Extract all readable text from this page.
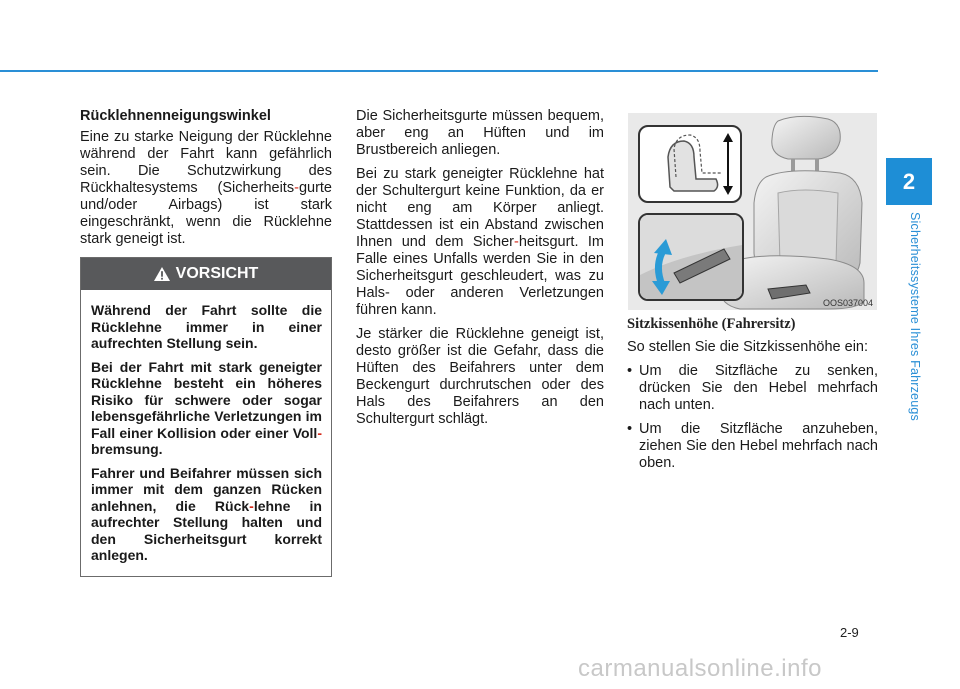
2
Sicherheitssysteme Ihres Fahrzeugs
Rücklehnenneigungswinkel

Eine zu starke Neigung der Rücklehne während der Fahrt kann gefährlich sein. Die Schutzwirkung des Rückhaltesystems (Sicherheits-gurte und/oder Airbags) ist stark eingeschränkt, wenn die Rücklehne stark geneigt ist.

VORSICHT

Während der Fahrt sollte die Rücklehne immer in einer aufrechten Stellung sein.

Bei der Fahrt mit stark geneigter Rücklehne besteht ein höheres Risiko für schwere oder sogar lebensgefährliche Verletzungen im Fall einer Kollision oder einer Voll-bremsung.

Fahrer und Beifahrer müssen sich immer mit dem ganzen Rücken anlehnen, die Rück-lehne in aufrechter Stellung halten und den Sicherheitsgurt korrekt anlegen.

Die Sicherheitsgurte müssen bequem, aber eng an Hüften und im Brustbereich anliegen.

Bei zu stark geneigter Rücklehne hat der Schultergurt keine Funktion, da er nicht eng am Körper anliegt. Stattdessen ist ein Abstand zwischen Ihnen und dem Sicher-heitsgurt. Im Falle eines Unfalls werden Sie in den Sicherheitsgurt geschleudert, was zu Hals- oder anderen Verletzungen führen kann.

Je stärker die Rücklehne geneigt ist, desto größer ist die Gefahr, dass die Hüften des Beifahrers unter dem Beckengurt durchrutschen oder des Hals des Beifahrers an den Schultergurt schlägt.

OOS037004
Sitzkissenhöhe (Fahrersitz)

So stellen Sie die Sitzkissenhöhe ein:

• Um die Sitzfläche zu senken, drücken Sie den Hebel mehrfach nach unten.
• Um die Sitzfläche anzuheben, ziehen Sie den Hebel mehrfach nach oben.
2-9
carmanualsonline.info
